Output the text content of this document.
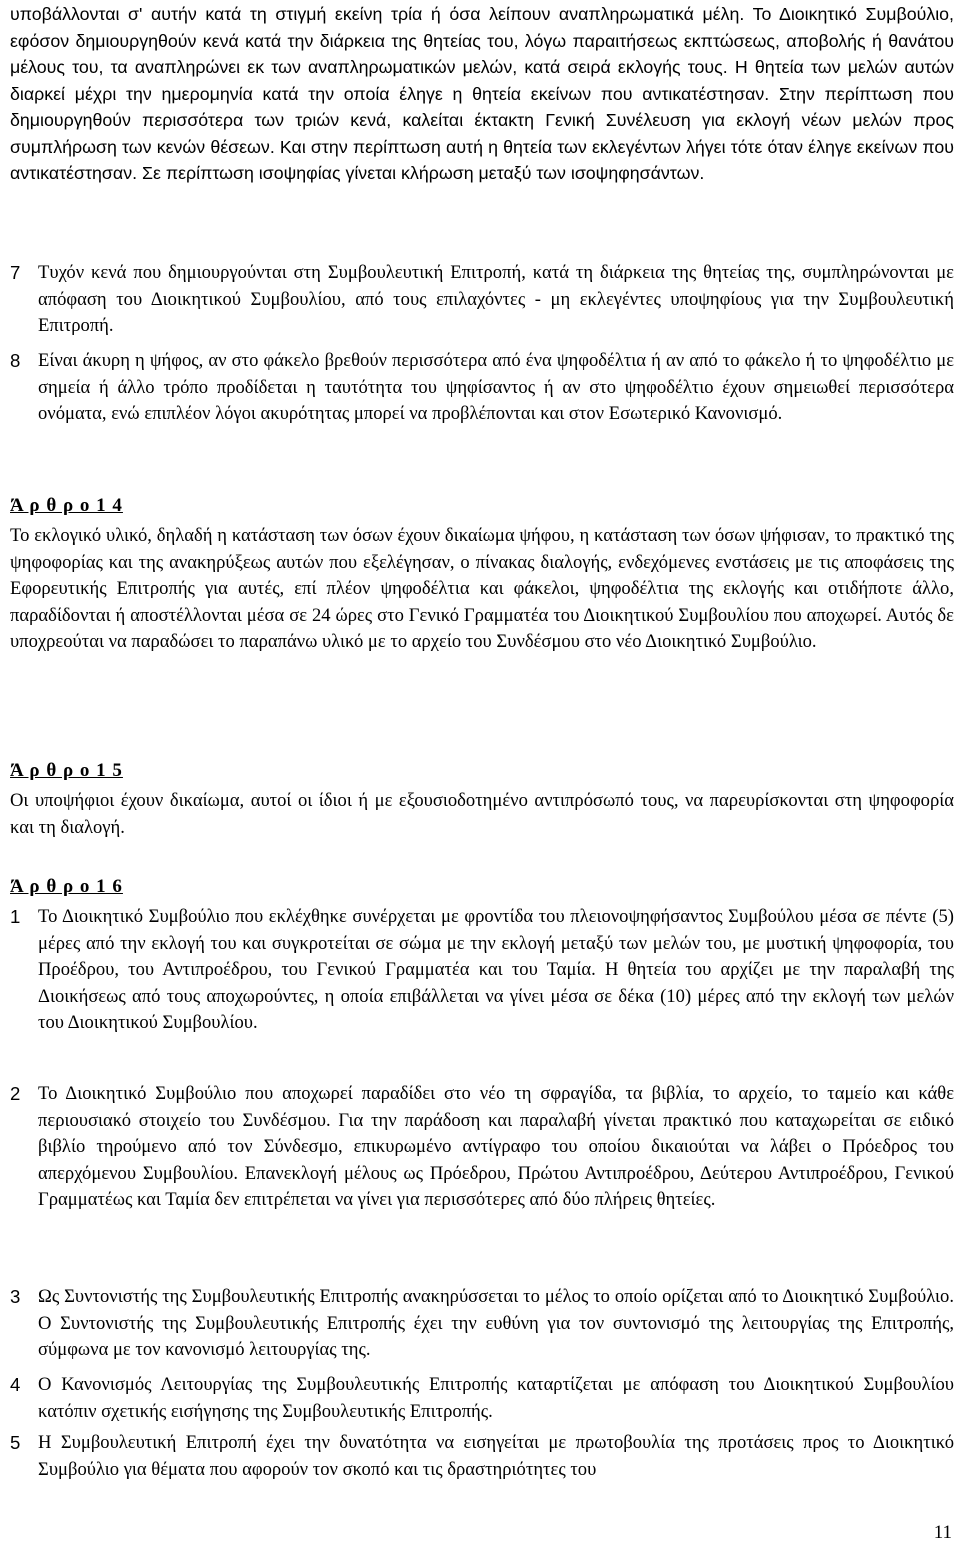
υποβάλλονται σ' αυτήν κατά τη στιγμή εκείνη τρία ή όσα λείπουν αναπληρωματικά μέλη. Το Διοικητικό Συμβούλιο, εφόσον δημιουργηθούν κενά κατά την διάρκεια της θητείας του, λόγω παραιτήσεως εκπτώσεως, αποβολής ή θανάτου μέλους του, τα αναπληρώνει εκ των αναπληρωματικών μελών, κατά σειρά εκλογής τους. Η θητεία των μελών αυτών διαρκεί μέχρι την ημερομηνία κατά την οποία έληγε η θητεία εκείνων που αντικατέστησαν. Στην περίπτωση που δημιουργηθούν περισσότερα των τριών κενά, καλείται έκτακτη Γενική Συνέλευση για εκλογή νέων μελών προς συμπλήρωση των κενών θέσεων. Και στην περίπτωση αυτή η θητεία των εκλεγέντων λήγει τότε όταν έληγε εκείνων που αντικατέστησαν. Σε περίπτωση ισοψηφίας γίνεται κλήρωση μεταξύ των ισοψηφησάντων.

7 Τυχόν κενά που δημιουργούνται στη Συμβουλευτική Επιτροπή, κατά τη διάρκεια της θητείας της, συμπληρώνονται με απόφαση του Διοικητικού Συμβουλίου, από τους επιλαχόντες - μη εκλεγέντες υποψηφίους για την Συμβουλευτική Επιτροπή.

8 Είναι άκυρη η ψήφος, αν στο φάκελο βρεθούν περισσότερα από ένα ψηφοδέλτια ή αν από το φάκελο ή το ψηφοδέλτιο με σημεία ή άλλο τρόπο προδίδεται η ταυτότητα του ψηφίσαντος ή αν στο ψηφοδέλτιο έχουν σημειωθεί περισσότερα ονόματα, ενώ επιπλέον λόγοι ακυρότητας μπορεί να προβλέπονται και στον Εσωτερικό Κανονισμό.

Ά ρ θ ρ ο 1 4

Το εκλογικό υλικό, δηλαδή η κατάσταση των όσων έχουν δικαίωμα ψήφου, η κατάσταση των όσων ψήφισαν, το πρακτικό της ψηφοφορίας και της ανακηρύξεως αυτών που εξελέγησαν, ο πίνακας διαλογής, ενδεχόμενες ενστάσεις με τις αποφάσεις της Εφορευτικής Επιτροπής για αυτές, επί πλέον ψηφοδέλτια και φάκελοι, ψηφοδέλτια της εκλογής και οτιδήποτε άλλο, παραδίδονται ή αποστέλλονται μέσα σε 24 ώρες στο Γενικό Γραμματέα του Διοικητικού Συμβουλίου που αποχωρεί. Αυτός δε υποχρεούται να παραδώσει το παραπάνω υλικό με το αρχείο του Συνδέσμου στο νέο Διοικητικό Συμβούλιο.

Ά ρ θ ρ ο 1 5

Οι υποψήφιοι έχουν δικαίωμα, αυτοί οι ίδιοι ή με εξουσιοδοτημένο αντιπρόσωπό τους, να παρευρίσκονται στη ψηφοφορία και τη διαλογή.

Ά ρ θ ρ ο 1 6
1 Το Διοικητικό Συμβούλιο που εκλέχθηκε συνέρχεται με φροντίδα του πλειονοψηφήσαντος Συμβούλου μέσα σε πέντε (5) μέρες από την εκλογή του και συγκροτείται σε σώμα με την εκλογή μεταξύ των μελών του, με μυστική ψηφοφορία, του Προέδρου, του Αντιπροέδρου, του Γενικού Γραμματέα και του Ταμία. Η θητεία του αρχίζει με την παραλαβή της Διοικήσεως από τους αποχωρούντες, η οποία επιβάλλεται να γίνει μέσα σε δέκα (10) μέρες από την εκλογή των μελών του Διοικητικού Συμβουλίου.

2 Το Διοικητικό Συμβούλιο που αποχωρεί παραδίδει στο νέο τη σφραγίδα, τα βιβλία, το αρχείο, το ταμείο και κάθε περιουσιακό στοιχείο του Συνδέσμου. Για την παράδοση και παραλαβή γίνεται πρακτικό που καταχωρείται σε ειδικό βιβλίο τηρούμενο από τον Σύνδεσμο, επικυρωμένο αντίγραφο του οποίου δικαιούται να λάβει ο Πρόεδρος του απερχόμενου Συμβουλίου. Επανεκλογή μέλους ως Πρόεδρου, Πρώτου Αντιπροέδρου, Δεύτερου Αντιπροέδρου, Γενικού Γραμματέως και Ταμία δεν επιτρέπεται να γίνει για περισσότερες από δύο πλήρεις θητείες.

3 Ως Συντονιστής της Συμβουλευτικής Επιτροπής ανακηρύσσεται το μέλος το οποίο ορίζεται από το Διοικητικό Συμβούλιο. Ο Συντονιστής της Συμβουλευτικής Επιτροπής έχει την ευθύνη για τον συντονισμό της λειτουργίας της Επιτροπής, σύμφωνα με τον κανονισμό λειτουργίας της.

4 Ο Κανονισμός Λειτουργίας της Συμβουλευτικής Επιτροπής καταρτίζεται με απόφαση του Διοικητικού Συμβουλίου κατόπιν σχετικής εισήγησης της Συμβουλευτικής Επιτροπής.

5 Η Συμβουλευτική Επιτροπή έχει την δυνατότητα να εισηγείται με πρωτοβουλία της προτάσεις προς το Διοικητικό Συμβούλιο για θέματα που αφορούν τον σκοπό και τις δραστηριότητες του

11
